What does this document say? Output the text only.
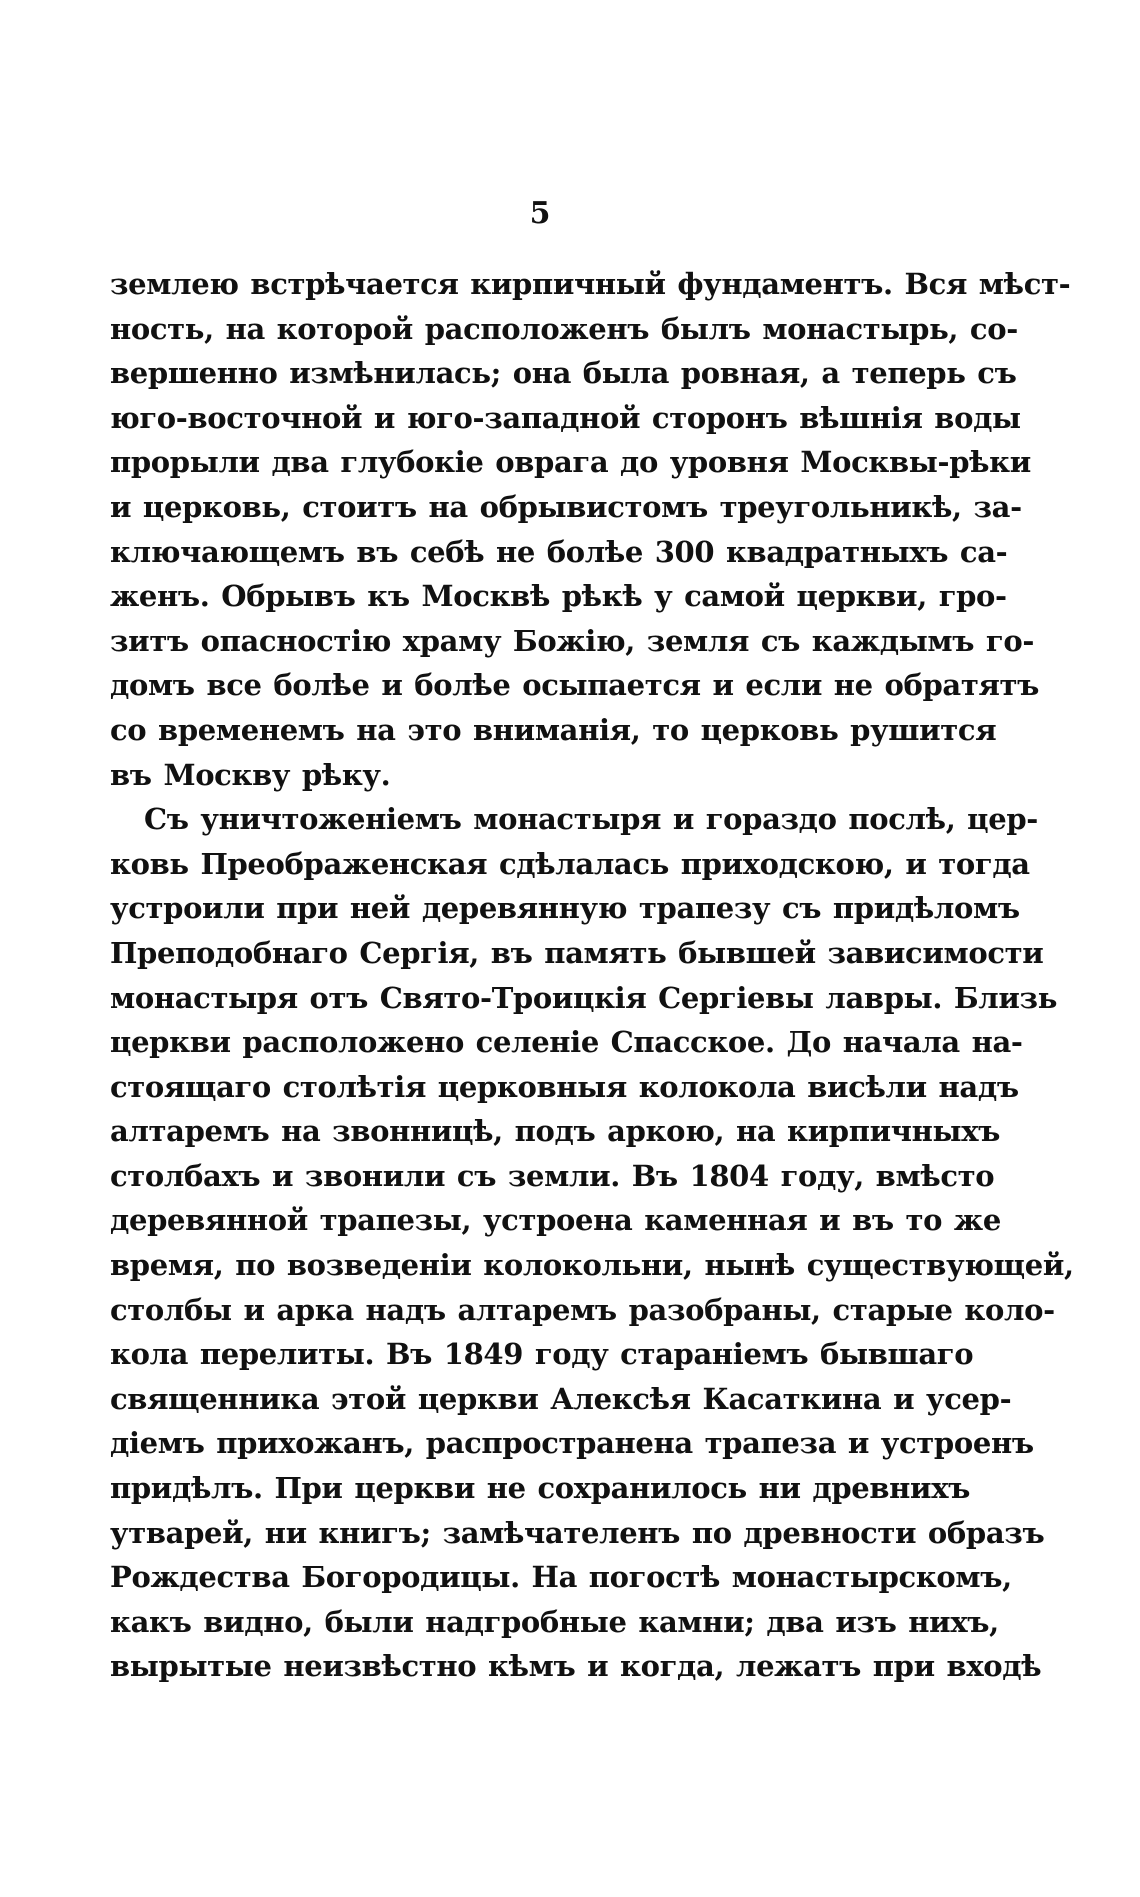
5
землею встрѣчается кирпичный фундаментъ. Вся мѣст-
ность, на которой расположенъ былъ монастырь, со-
вершенно измѣнилась; она была ровная, а теперь съ
юго-восточной и юго-западной сторонъ вѣшнія воды
прорыли два глубокіе оврага до уровня Москвы-рѣки
и церковь, стоитъ на обрывистомъ треугольникѣ, за-
ключающемъ въ себѣ не болѣе 300 квадратныхъ са-
женъ. Обрывъ къ Москвѣ рѣкѣ у самой церкви, гро-
зитъ опасностію храму Божію, земля съ каждымъ го-
домъ все болѣе и болѣе осыпается и если не обратятъ
со временемъ на это вниманія, то церковь рушится
въ Москву рѣку.
Съ уничтоженіемъ монастыря и гораздо послѣ, цер-
ковь Преображенская сдѣлалась приходскою, и тогда
устроили при ней деревянную трапезу съ придѣломъ
Преподобнаго Сергія, въ память бывшей зависимости
монастыря отъ Свято-Троицкія Сергіевы лавры. Близь
церкви расположено селеніе Спасское. До начала на-
стоящаго столѣтія церковныя колокола висѣли надъ
алтаремъ на звонницѣ, подъ аркою, на кирпичныхъ
столбахъ и звонили съ земли. Въ 1804 году, вмѣсто
деревянной трапезы, устроена каменная и въ то же
время, по возведеніи колокольни, нынѣ существующей,
столбы и арка надъ алтаремъ разобраны, старые коло-
кола перелиты. Въ 1849 году стараніемъ бывшаго
священника этой церкви Алексѣя Касаткина и усер-
діемъ прихожанъ, распространена трапеза и устроенъ
придѣлъ. При церкви не сохранилось ни древнихъ
утварей, ни книгъ; замѣчателенъ по древности образъ
Рождества Богородицы. На погостѣ монастырскомъ,
какъ видно, были надгробные камни; два изъ нихъ,
вырытые неизвѣстно кѣмъ и когда, лежатъ при входѣ
